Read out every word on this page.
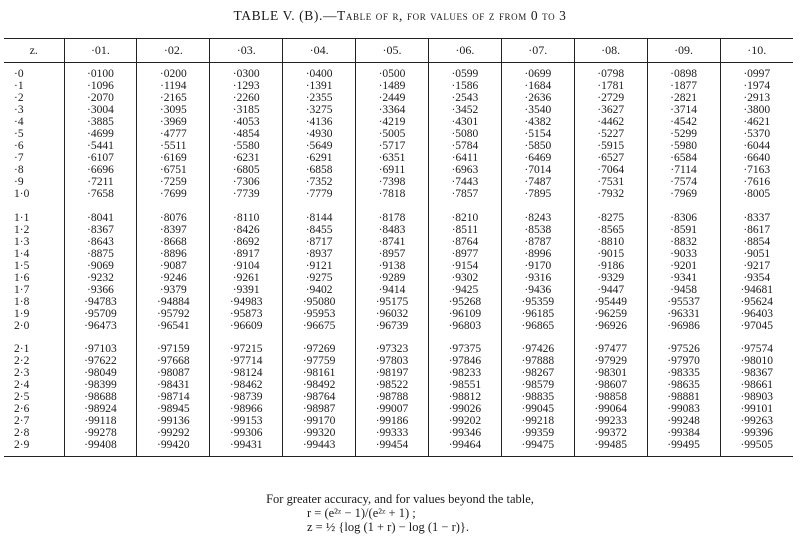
TABLE V. (B).—Table of r, for values of z from 0 to 3
z.	·01.	·02.	·03.	·04.	·05.	·06.	·07.	·08.	·09.	·10.

·0	·0100	·0200	·0300	·0400	·0500	·0599	·0699	·0798	·0898	·0997
·1	·1096	·1194	·1293	·1391	·1489	·1586	·1684	·1781	·1877	·1974
·2	·2070	·2165	·2260	·2355	·2449	·2543	·2636	·2729	·2821	·2913
·3	·3004	·3095	·3185	·3275	·3364	·3452	·3540	·3627	·3714	·3800
·4	·3885	·3969	·4053	·4136	·4219	·4301	·4382	·4462	·4542	·4621
·5	·4699	·4777	·4854	·4930	·5005	·5080	·5154	·5227	·5299	·5370
·6	·5441	·5511	·5580	·5649	·5717	·5784	·5850	·5915	·5980	·6044
·7	·6107	·6169	·6231	·6291	·6351	·6411	·6469	·6527	·6584	·6640
·8	·6696	·6751	·6805	·6858	·6911	·6963	·7014	·7064	·7114	·7163
·9	·7211	·7259	·7306	·7352	·7398	·7443	·7487	·7531	·7574	·7616
1·0	·7658	·7699	·7739	·7779	·7818	·7857	·7895	·7932	·7969	·8005

1·1	·8041	·8076	·8110	·8144	·8178	·8210	·8243	·8275	·8306	·8337
1·2	·8367	·8397	·8426	·8455	·8483	·8511	·8538	·8565	·8591	·8617
1·3	·8643	·8668	·8692	·8717	·8741	·8764	·8787	·8810	·8832	·8854
1·4	·8875	·8896	·8917	·8937	·8957	·8977	·8996	·9015	·9033	·9051
1·5	·9069	·9087	·9104	·9121	·9138	·9154	·9170	·9186	·9201	·9217
1·6	·9232	·9246	·9261	·9275	·9289	·9302	·9316	·9329	·9341	·9354
1·7	·9366	·9379	·9391	·9402	·9414	·9425	·9436	·9447	·9458	·94681
1·8	·94783	·94884	·94983	·95080	·95175	·95268	·95359	·95449	·95537	·95624
1·9	·95709	·95792	·95873	·95953	·96032	·96109	·96185	·96259	·96331	·96403
2·0	·96473	·96541	·96609	·96675	·96739	·96803	·96865	·96926	·96986	·97045

2·1	·97103	·97159	·97215	·97269	·97323	·97375	·97426	·97477	·97526	·97574
2·2	·97622	·97668	·97714	·97759	·97803	·97846	·97888	·97929	·97970	·98010
2·3	·98049	·98087	·98124	·98161	·98197	·98233	·98267	·98301	·98335	·98367
2·4	·98399	·98431	·98462	·98492	·98522	·98551	·98579	·98607	·98635	·98661
2·5	·98688	·98714	·98739	·98764	·98788	·98812	·98835	·98858	·98881	·98903
2·6	·98924	·98945	·98966	·98987	·99007	·99026	·99045	·99064	·99083	·99101
2·7	·99118	·99136	·99153	·99170	·99186	·99202	·99218	·99233	·99248	·99263
2·8	·99278	·99292	·99306	·99320	·99333	·99346	·99359	·99372	·99384	·99396
2·9	·99408	·99420	·99431	·99443	·99454	·99464	·99475	·99485	·99495	·99505

For greater accuracy, and for values beyond the table,
r = (e²ᶻ − 1)/(e²ᶻ + 1) ;
z = ½ {log (1 + r) − log (1 − r)}.
